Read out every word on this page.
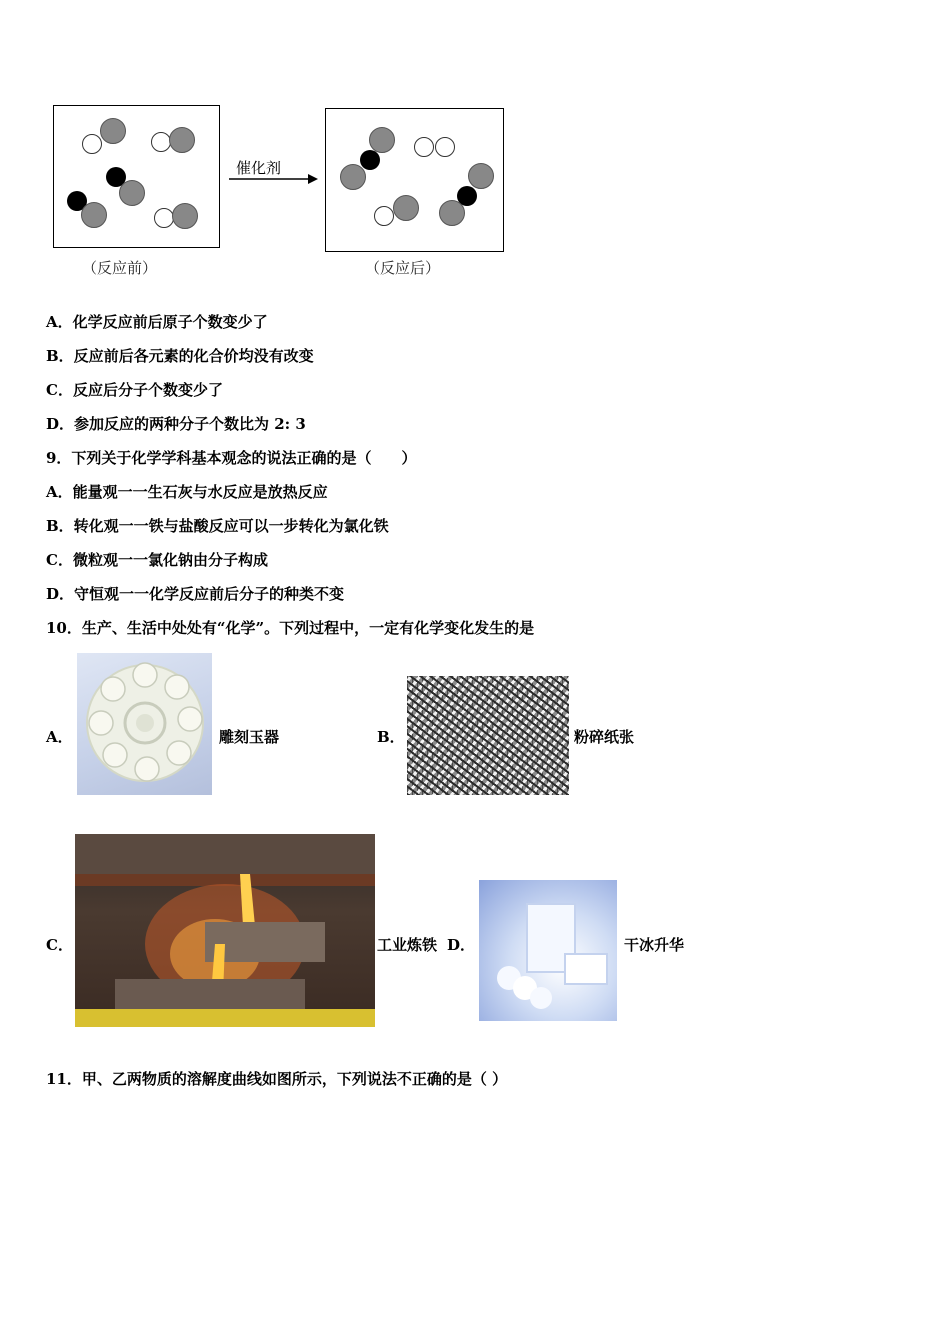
（反应前）
催化剂
（反应后）
A．化学反应前后原子个数变少了
B．反应前后各元素的化合价均没有改变
C．反应后分子个数变少了
D．参加反应的两种分子个数比为 2: 3
9．下列关于化学学科基本观念的说法正确的是（　　）
A．能量观一一生石灰与水反应是放热反应
B．转化观一一铁与盐酸反应可以一步转化为氯化铁
C．微粒观一一氯化钠由分子构成
D．守恒观一一化学反应前后分子的种类不变
10．生产、生活中处处有“化学”。下列过程中，一定有化学变化发生的是
A．	雕刻玉器	B．	粉碎纸张
C．	工业炼铁 D．	干冰升华
11．甲、乙两物质的溶解度曲线如图所示，下列说法不正确的是（ ）
